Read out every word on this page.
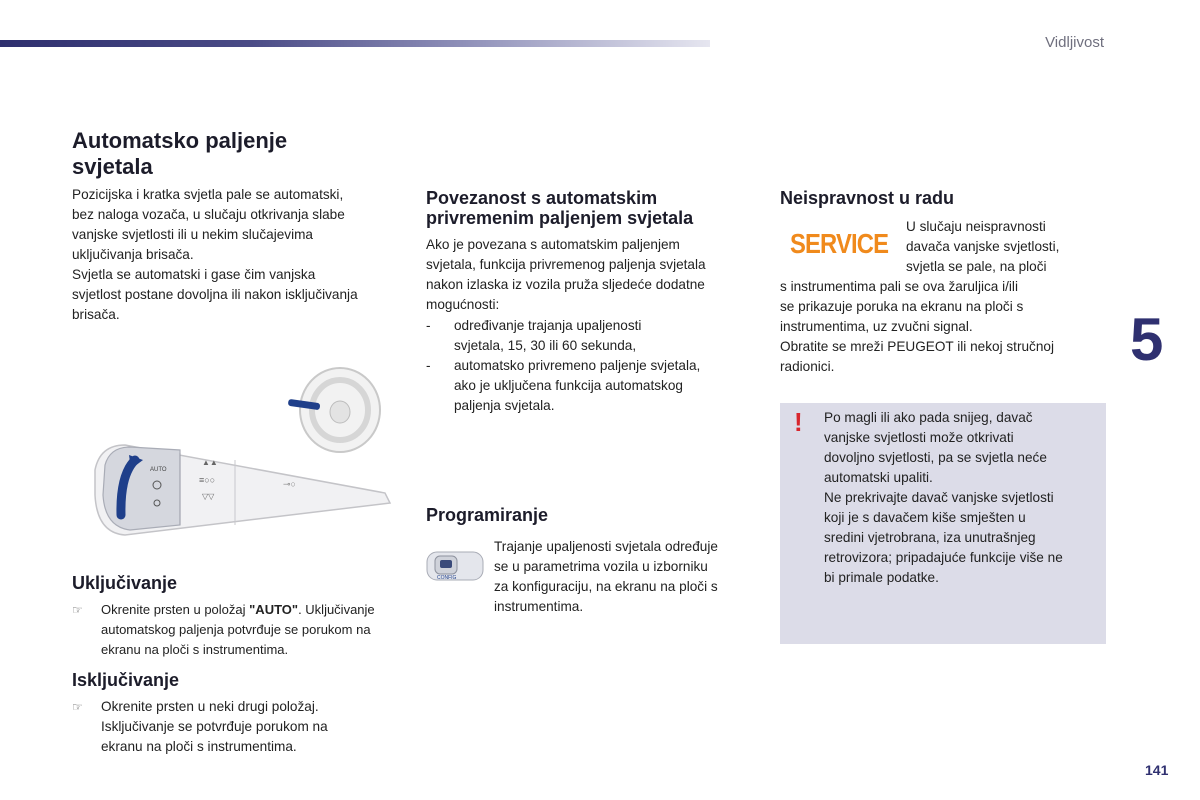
Vidljivost
5
141
Automatsko paljenje
svjetala

Pozicijska i kratka svjetla pale se automatski,
bez naloga vozača, u slučaju otkrivanja slabe
vanjske svjetlosti ili u nekim slučajevima
uključivanja brisača.
Svjetla se automatski i gase čim vanjska
svjetlost postane dovoljna ili nakon isključivanja
brisača.

AUTO
▲▲
≡○○
▽▽
⊸○
Uključivanje
☞	Okrenite prsten u položaj "AUTO". Uključivanje
automatskog paljenja potvrđuje se porukom na
ekranu na ploči s instrumentima.
Isključivanje
☞	Okrenite prsten u neki drugi položaj.
Isključivanje se potvrđuje porukom na
ekranu na ploči s instrumentima.
Povezanost s automatskim
privremenim paljenjem svjetala

Ako je povezana s automatskim paljenjem
svjetala, funkcija privremenog paljenja svjetala
nakon izlaska iz vozila pruža sljedeće dodatne
mogućnosti:

- određivanje trajanja upaljenosti
svjetala, 15, 30 ili 60 sekunda,
- automatsko privremeno paljenje svjetala,
ako je uključena funkcija automatskog
paljenja svjetala.
Programiranje
CONFIG

Trajanje upaljenosti svjetala određuje
se u parametrima vozila u izborniku
za konfiguraciju, na ekranu na ploči s
instrumentima.

Neispravnost u radu
SERVICE

U slučaju neispravnosti
davača vanjske svjetlosti,
svjetla se pale, na ploči

s instrumentima pali se ova žaruljica i/ili
se prikazuje poruka na ekranu na ploči s
instrumentima, uz zvučni signal.
Obratite se mreži PEUGEOT ili nekoj stručnoj
radionici.

! Po magli ili ako pada snijeg, davač
vanjske svjetlosti može otkrivati
dovoljno svjetlosti, pa se svjetla neće
automatski upaliti.
Ne prekrivajte davač vanjske svjetlosti
koji je s davačem kiše smješten u
sredini vjetrobrana, iza unutrašnjeg
retrovizora; pripadajuće funkcije više ne
bi primale podatke.
